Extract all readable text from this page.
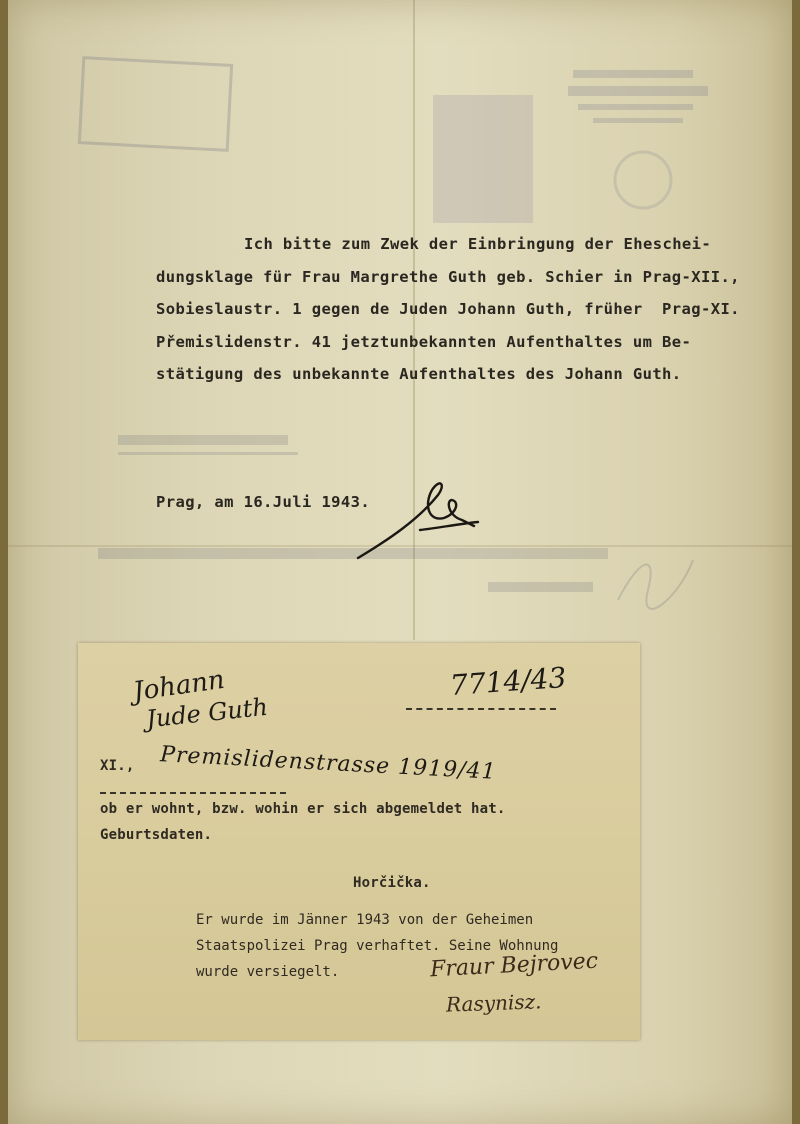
Ich bitte zum Zwek der Einbringung der Eheschei-
dungsklage für Frau Margrethe Guth geb. Schier in Prag-XII.,
Sobieslaustr. 1 gegen de Juden Johann Guth, früher  Prag-XI.
Přemislidenstr. 41 jetztunbekannten Aufenthaltes um Be-
stätigung des unbekannte Aufenthaltes des Johann Guth.
Prag, am 16.Juli 1943.
Johann
Jude Guth
7714/43
XI., Premislidenstrasse 1919/41
ob er wohnt, bzw. wohin er sich abgemeldet hat.
Geburtsdaten.
Horčička.
Er wurde im Jänner 1943 von der Geheimen
Staatspolizei Prag verhaftet. Seine Wohnung
wurde versiegelt.	Fraur Bejrovec
Rasynisz.
